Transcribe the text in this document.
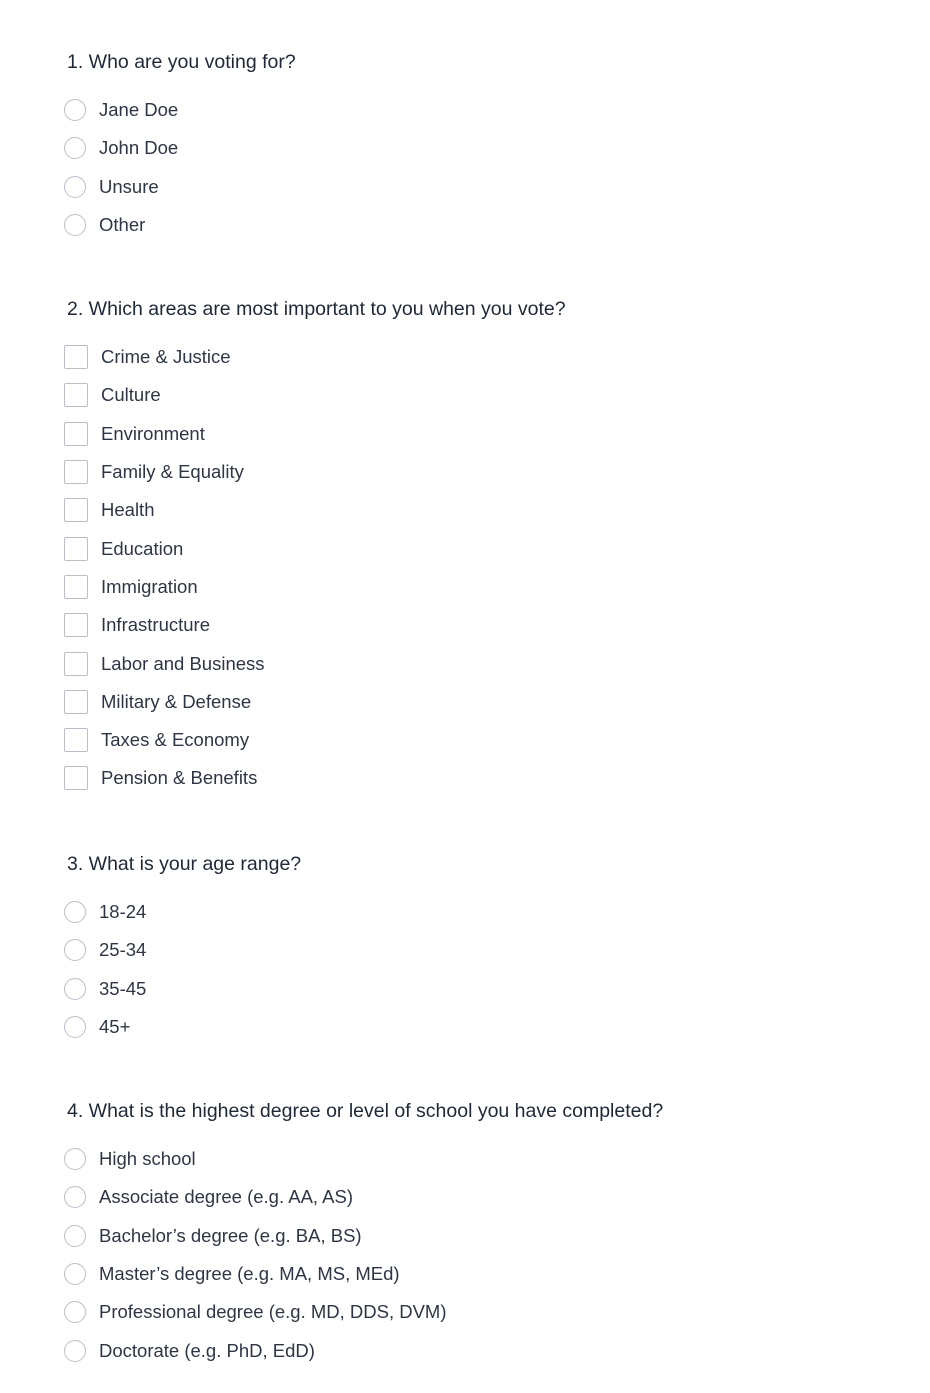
1. Who are you voting for?
Jane Doe
John Doe
Unsure
Other
2. Which areas are most important to you when you vote?
Crime & Justice
Culture
Environment
Family & Equality
Health
Education
Immigration
Infrastructure
Labor and Business
Military & Defense
Taxes & Economy
Pension & Benefits
3. What is your age range?
18-24
25-34
35-45
45+
4. What is the highest degree or level of school you have completed?
High school
Associate degree (e.g. AA, AS)
Bachelor’s degree (e.g. BA, BS)
Master’s degree (e.g. MA, MS, MEd)
Professional degree (e.g. MD, DDS, DVM)
Doctorate (e.g. PhD, EdD)
